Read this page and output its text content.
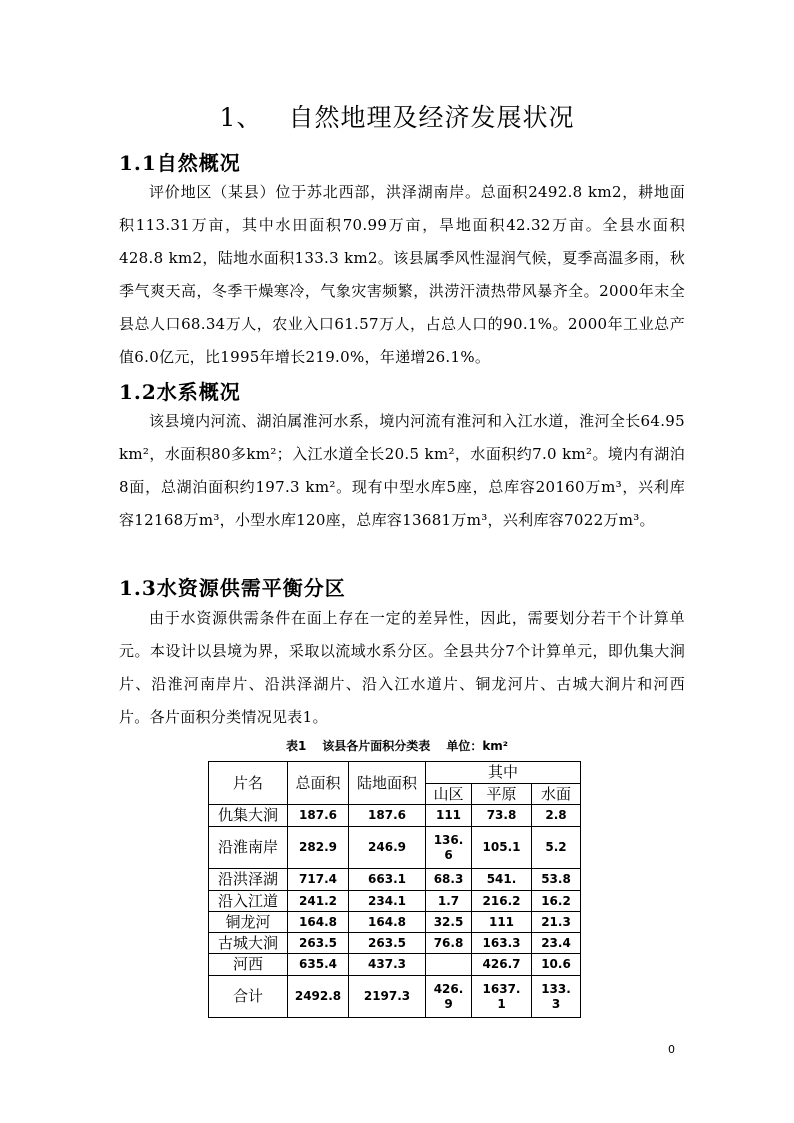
1、 自然地理及经济发展状况
1.1自然概况

评价地区（某县）位于苏北西部，洪泽湖南岸。总面积2492.8 km2，耕地面积113.31万亩，其中水田面积70.99万亩，旱地面积42.32万亩。全县水面积428.8 km2，陆地水面积133.3 km2。该县属季风性湿润气候，夏季高温多雨，秋季气爽天高，冬季干燥寒冷，气象灾害频繁，洪涝汗渍热带风暴齐全。2000年末全县总人口68.34万人，农业入口61.57万人，占总人口的90.1%。2000年工业总产值6.0亿元，比1995年增长219.0%，年递增26.1%。

1.2水系概况

该县境内河流、湖泊属淮河水系，境内河流有淮河和入江水道，淮河全长64.95 km²，水面积80多km²；入江水道全长20.5 km²，水面积约7.0 km²。境内有湖泊8面，总湖泊面积约197.3 km²。现有中型水库5座，总库容20160万m³，兴利库容12168万m³，小型水库120座，总库容13681万m³，兴利库容7022万m³。

1.3水资源供需平衡分区

由于水资源供需条件在面上存在一定的差异性，因此，需要划分若干个计算单元。本设计以县境为界，采取以流域水系分区。全县共分7个计算单元，即仇集大涧片、沿淮河南岸片、沿洪泽湖片、沿入江水道片、铜龙河片、古城大涧片和河西片。各片面积分类情况见表1。

表1 该县各片面积分类表 单位：km²
片名	总面积	陆地面积	其中		
			山区	平原	水面
仇集大涧	187.6	187.6	111	73.8	2.8
沿淮南岸	282.9	246.9	136.6	105.1	5.2
沿洪泽湖	717.4	663.1	68.3	541.	53.8
沿入江道	241.2	234.1	1.7	216.2	16.2
铜龙河	164.8	164.8	32.5	111	21.3
古城大涧	263.5	263.5	76.8	163.3	23.4
河西	635.4	437.3		426.7	10.6
合计	2492.8	2197.3	426.9	1637.1	133.3
0
